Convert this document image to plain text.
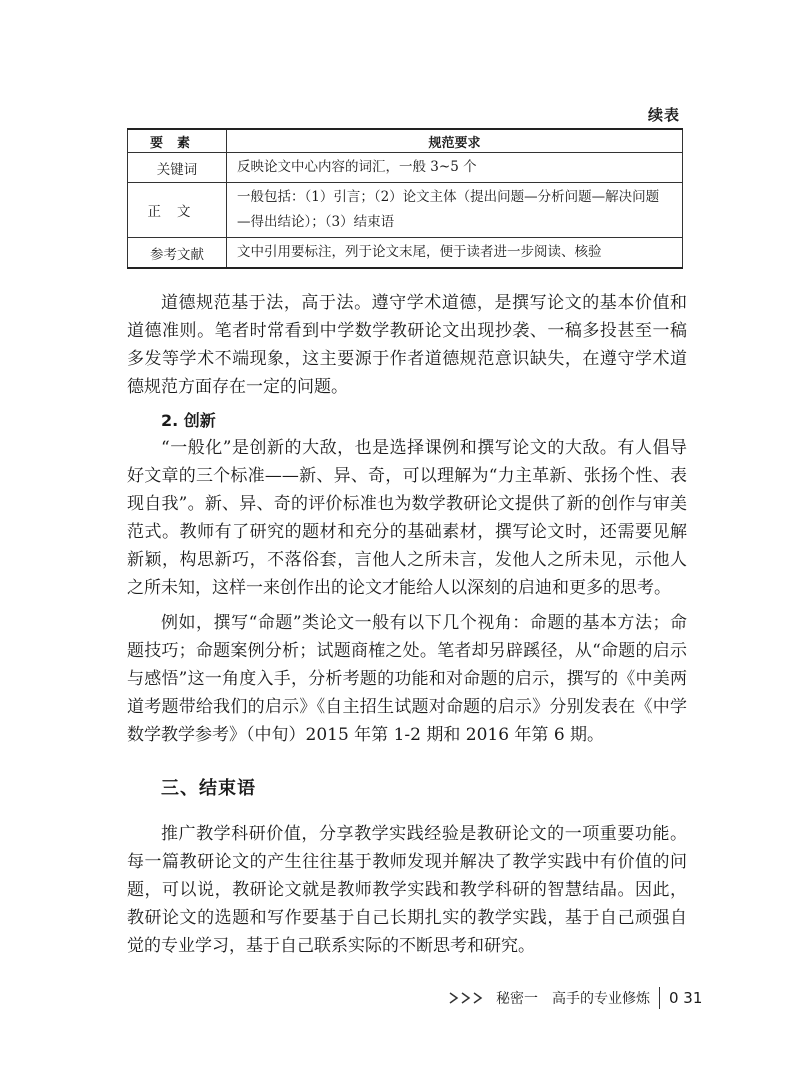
续表
要素	规范要求
关键词	反映论文中心内容的词汇，一般 3~5 个
正文	一般包括：（1）引言；（2）论文主体（提出问题—分析问题—解决问题—得出结论）；（3）结束语
参考文献	文中引用要标注，列于论文末尾，便于读者进一步阅读、核验

道德规范基于法，高于法。遵守学术道德，是撰写论文的基本价值和道德准则。笔者时常看到中学数学教研论文出现抄袭、一稿多投甚至一稿多发等学术不端现象，这主要源于作者道德规范意识缺失，在遵守学术道德规范方面存在一定的问题。

2. 创新

“一般化”是创新的大敌，也是选择课例和撰写论文的大敌。有人倡导好文章的三个标准——新、异、奇，可以理解为“力主革新、张扬个性、表现自我”。新、异、奇的评价标准也为数学教研论文提供了新的创作与审美范式。教师有了研究的题材和充分的基础素材，撰写论文时，还需要见解新颖，构思新巧，不落俗套，言他人之所未言，发他人之所未见，示他人之所未知，这样一来创作出的论文才能给人以深刻的启迪和更多的思考。

例如，撰写“命题”类论文一般有以下几个视角：命题的基本方法；命题技巧；命题案例分析；试题商榷之处。笔者却另辟蹊径，从“命题的启示与感悟”这一角度入手，分析考题的功能和对命题的启示，撰写的《中美两道考题带给我们的启示》《自主招生试题对命题的启示》分别发表在《中学数学教学参考》（中旬）2015 年第 1-2 期和 2016 年第 6 期。

三、结束语

推广教学科研价值，分享教学实践经验是教研论文的一项重要功能。每一篇教研论文的产生往往基于教师发现并解决了教学实践中有价值的问题，可以说，教研论文就是教师教学实践和教学科研的智慧结晶。因此，教研论文的选题和写作要基于自己长期扎实的教学实践，基于自己顽强自觉的专业学习，基于自己联系实际的不断思考和研究。

秘密一 高手的专业修炼 0 31
